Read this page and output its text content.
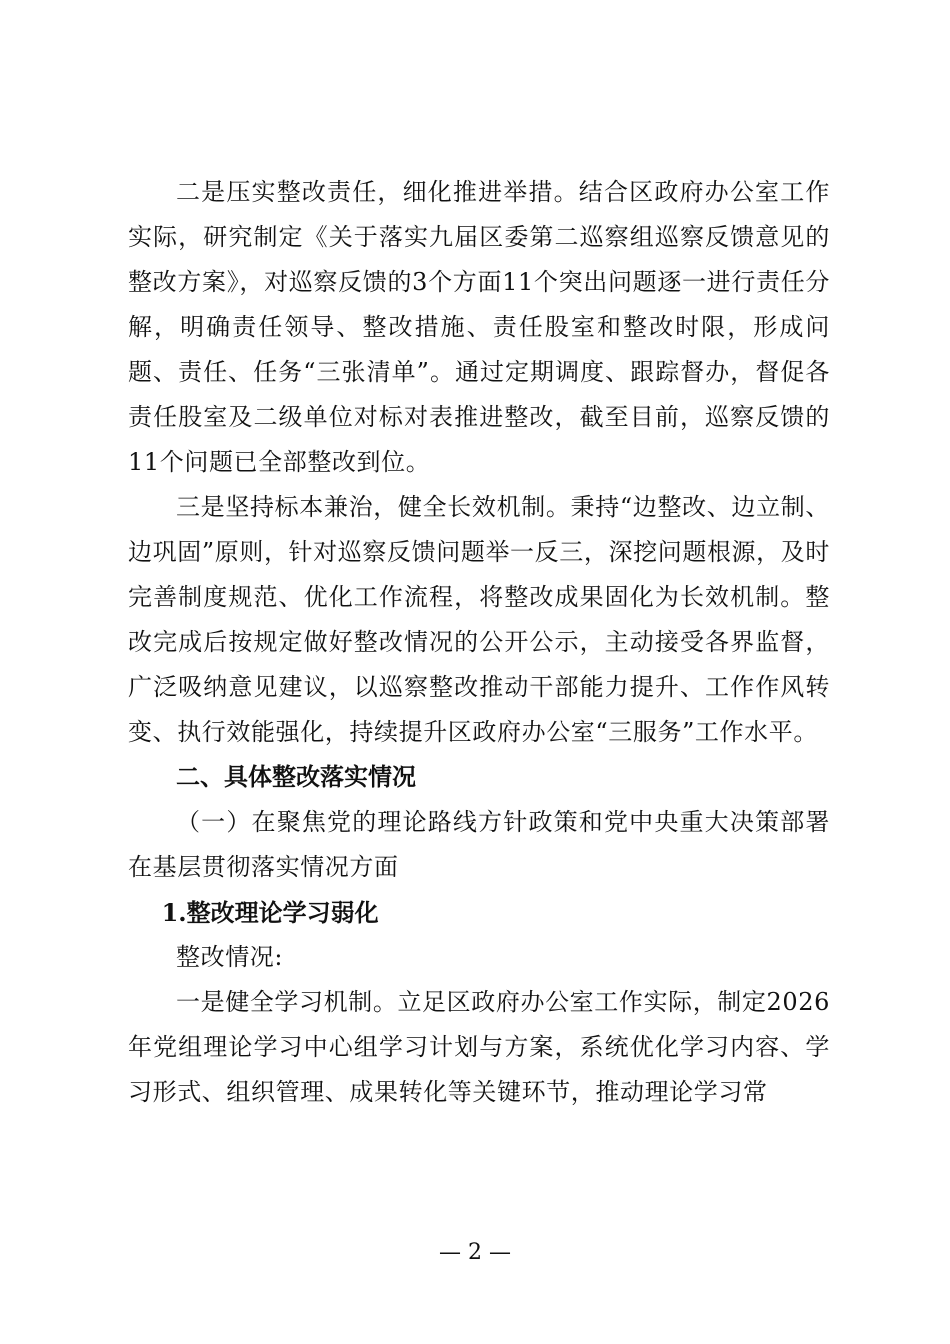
二是压实整改责任，细化推进举措。结合区政府办公室工作实际，研究制定《关于落实九届区委第二巡察组巡察反馈意见的整改方案》，对巡察反馈的3个方面11个突出问题逐一进行责任分解，明确责任领导、整改措施、责任股室和整改时限，形成问题、责任、任务“三张清单”。通过定期调度、跟踪督办，督促各责任股室及二级单位对标对表推进整改，截至目前，巡察反馈的11个问题已全部整改到位。

三是坚持标本兼治，健全长效机制。秉持“边整改、边立制、边巩固”原则，针对巡察反馈问题举一反三，深挖问题根源，及时完善制度规范、优化工作流程，将整改成果固化为长效机制。整改完成后按规定做好整改情况的公开公示，主动接受各界监督，广泛吸纳意见建议，以巡察整改推动干部能力提升、工作作风转变、执行效能强化，持续提升区政府办公室“三服务”工作水平。

二、具体整改落实情况

（一）在聚焦党的理论路线方针政策和党中央重大决策部署在基层贯彻落实情况方面

1.整改理论学习弱化

整改情况:

一是健全学习机制。立足区政府办公室工作实际，制定2026年党组理论学习中心组学习计划与方案，系统优化学习内容、学习形式、组织管理、成果转化等关键环节，推动理论学习常

— 2 —
